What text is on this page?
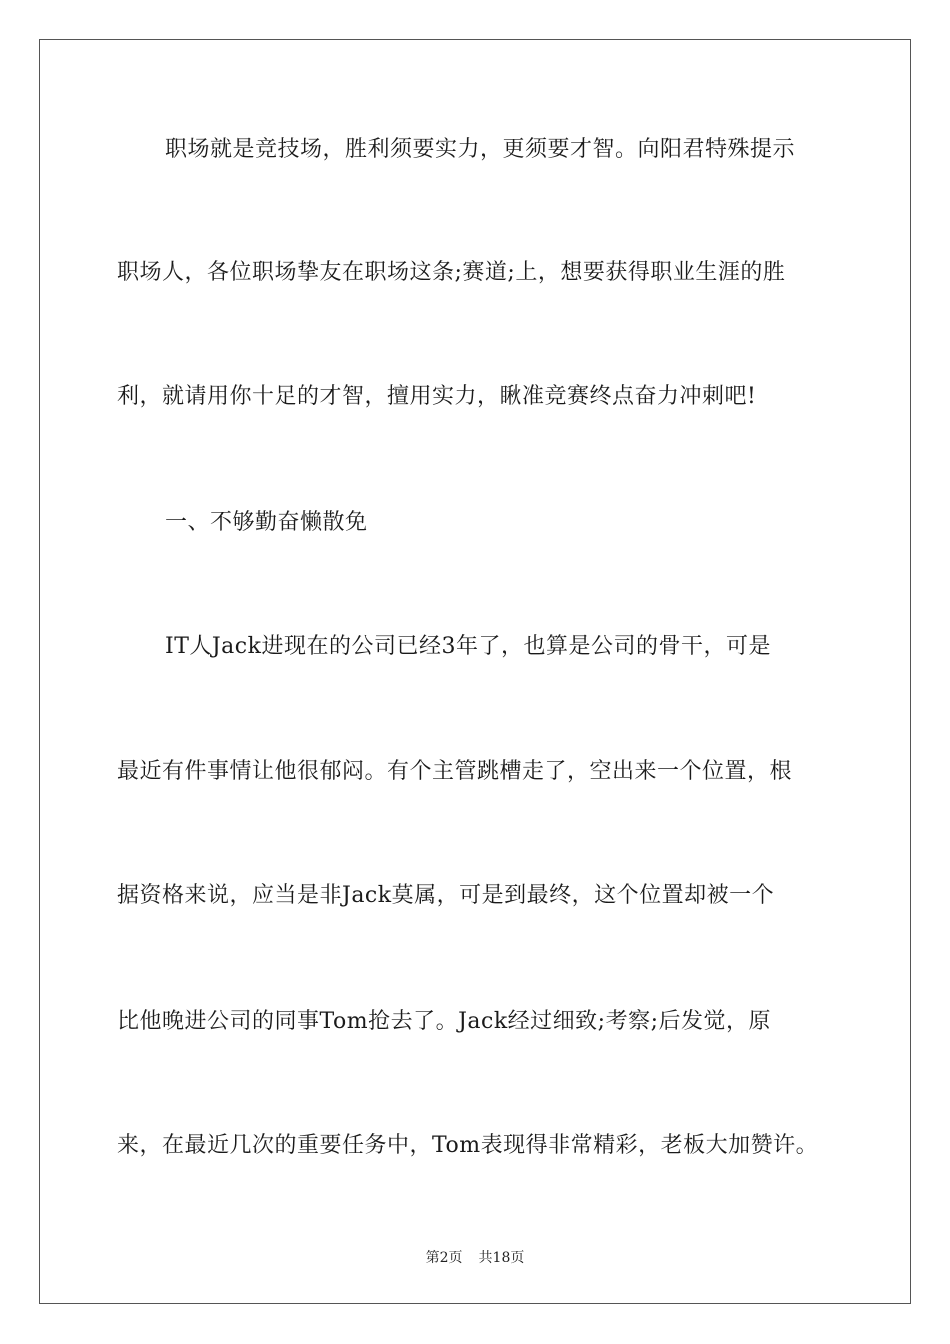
职场就是竞技场，胜利须要实力，更须要才智。向阳君特殊提示
职场人，各位职场挚友在职场这条;赛道;上，想要获得职业生涯的胜
利，就请用你十足的才智，擅用实力，瞅准竞赛终点奋力冲刺吧!
一、不够勤奋懒散免
IT人Jack进现在的公司已经3年了，也算是公司的骨干，可是
最近有件事情让他很郁闷。有个主管跳槽走了，空出来一个位置，根
据资格来说，应当是非Jack莫属，可是到最终，这个位置却被一个
比他晚进公司的同事Tom抢去了。Jack经过细致;考察;后发觉，原
来，在最近几次的重要任务中，Tom表现得非常精彩，老板大加赞许。
第2页 共18页
